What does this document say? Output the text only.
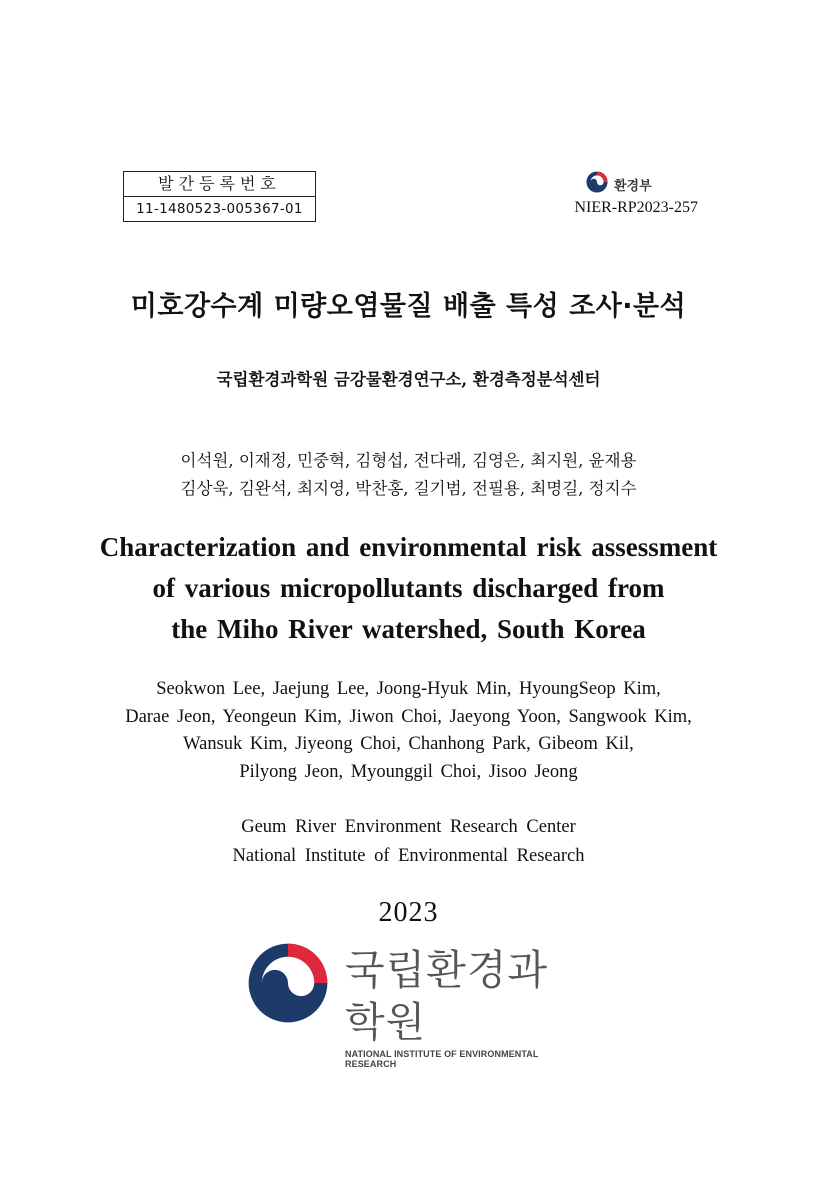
발간등록번호
11-1480523-005367-01
환경부
NIER-RP2023-257
미호강수계 미량오염물질 배출 특성 조사·분석
국립환경과학원 금강물환경연구소, 환경측정분석센터
이석원, 이재정, 민중혁, 김형섭, 전다래, 김영은, 최지원, 윤재용
김상욱, 김완석, 최지영, 박찬홍, 길기범, 전필용, 최명길, 정지수
Characterization and environmental risk assessment
of various micropollutants discharged from
the Miho River watershed, South Korea
Seokwon Lee, Jaejung Lee, Joong-Hyuk Min, HyoungSeop Kim,
Darae Jeon, Yeongeun Kim, Jiwon Choi, Jaeyong Yoon, Sangwook Kim,
Wansuk Kim, Jiyeong Choi, Chanhong Park, Gibeom Kil,
Pilyong Jeon, Myounggil Choi, Jisoo Jeong
Geum River Environment Research Center
National Institute of Environmental Research
2023
국립환경과학원
NATIONAL INSTITUTE OF ENVIRONMENTAL RESEARCH
